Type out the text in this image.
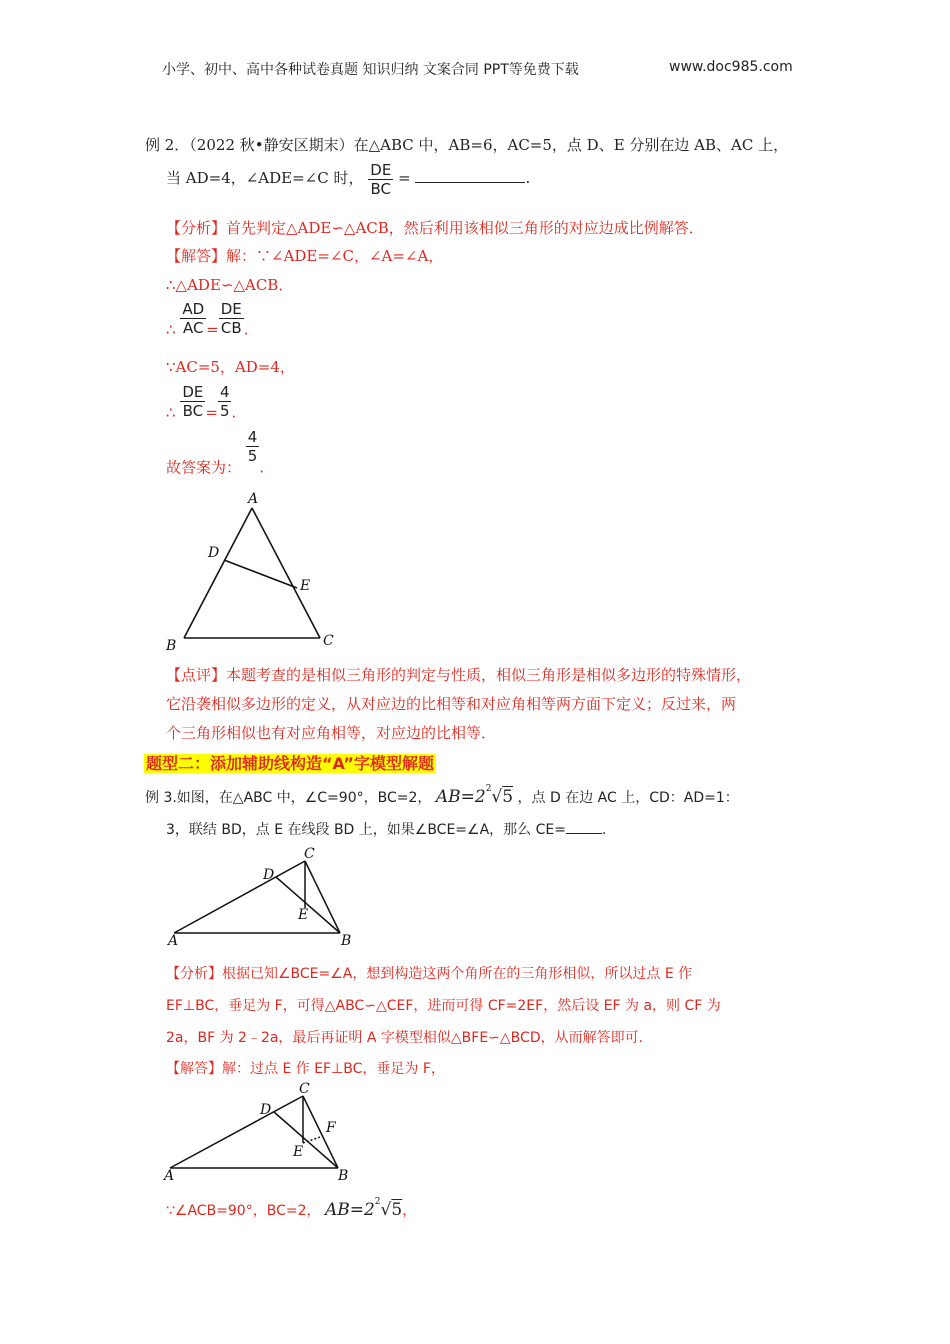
小学、初中、高中各种试卷真题 知识归纳 文案合同 PPT等免费下载	www.doc985.com
例 2．（2022 秋•静安区期末）在△ABC 中，AB=6，AC=5，点 D、E 分别在边 AB、AC 上，
当 AD=4，∠ADE=∠C 时， $\frac{DE}{BC}$ =	.
【分析】首先判定△ADE∽△ACB，然后利用该相似三角形的对应边成比例解答．
【解答】解：∵∠ADE=∠C，∠A=∠A，
∴△ADE∽△ACB．
∴ $\frac{AD}{AC} = \frac{DE}{CB}$ .
∵AC=5，AD=4，
∴ $\frac{DE}{BC} = \frac{4}{5}$ .
故答案为：
$\frac{4}{5}$
.
A
D
E
B	C
【点评】本题考查的是相似三角形的判定与性质，相似三角形是相似多边形的特殊情形，
它沿袭相似多边形的定义，从对应边的比相等和对应角相等两方面下定义；反过来，两
个三角形相似也有对应角相等，对应边的比相等．
题型二：添加辅助线构造“A”字模型解题
例 3.如图，在△ABC 中，∠C=90°，BC=2， $AB=2^2√5$ ，点 D 在边 AC 上，CD：AD=1：
3，联结 BD，点 E 在线段 BD 上，如果∠BCE=∠A，那么 CE=	.
C
D
E
A	B
【分析】根据已知∠BCE=∠A，想到构造这两个角所在的三角形相似，所以过点 E 作
EF⊥BC，垂足为 F，可得△ABC∽△CEF，进而可得 CF=2EF，然后设 EF 为 a，则 CF 为
2a，BF 为 2﹣2a，最后再证明 A 字模型相似△BFE∽△BCD，从而解答即可．
【解答】解：过点 E 作 EF⊥BC，垂足为 F，
C
D
F
E
A	B
∵∠ACB=90°，BC=2， $AB=2^2√5$，
